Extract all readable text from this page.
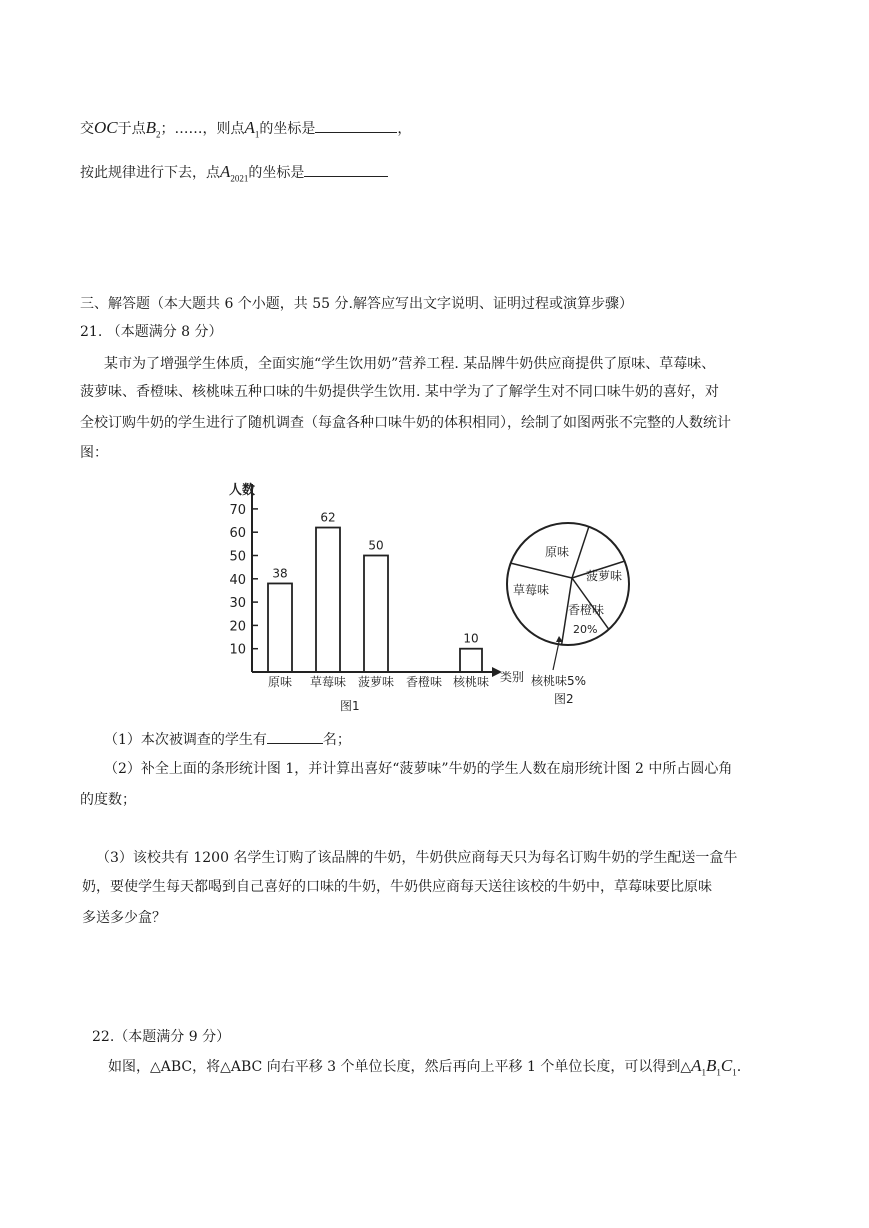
交OC于点$B_2$；……，则点$A_1$的坐标是	，
按此规律进行下去，点$A_{2021}$的坐标是
三、解答题（本大题共 6 个小题，共 55 分.解答应写出文字说明、证明过程或演算步骤）
21. （本题满分 8 分）
某市为了增强学生体质，全面实施“学生饮用奶”营养工程. 某品牌牛奶供应商提供了原味、草莓味、
菠萝味、香橙味、核桃味五种口味的牛奶提供学生饮用. 某中学为了了解学生对不同口味牛奶的喜好，对
全校订购牛奶的学生进行了随机调查（每盒各种口味牛奶的体积相同），绘制了如图两张不完整的人数统计
图：
人数
类别
10
20
30
40
50
60
70
38
62
50
10
原味 草莓味 菠萝味 香橙味 核桃味
图1
原味
菠萝味
草莓味
香橙味
20%
核桃味5%
图2
（1）本次被调查的学生有	名；
（2）补全上面的条形统计图 1，并计算出喜好“菠萝味”牛奶的学生人数在扇形统计图 2 中所占圆心角
的度数；
（3）该校共有 1200 名学生订购了该品牌的牛奶，牛奶供应商每天只为每名订购牛奶的学生配送一盒牛
奶，要使学生每天都喝到自己喜好的口味的牛奶，牛奶供应商每天送往该校的牛奶中，草莓味要比原味
多送多少盒？
22.（本题满分 9 分）
如图，△ABC，将△ABC 向右平移 3 个单位长度，然后再向上平移 1 个单位长度，可以得到$\triangle A_1B_1C_1$.
